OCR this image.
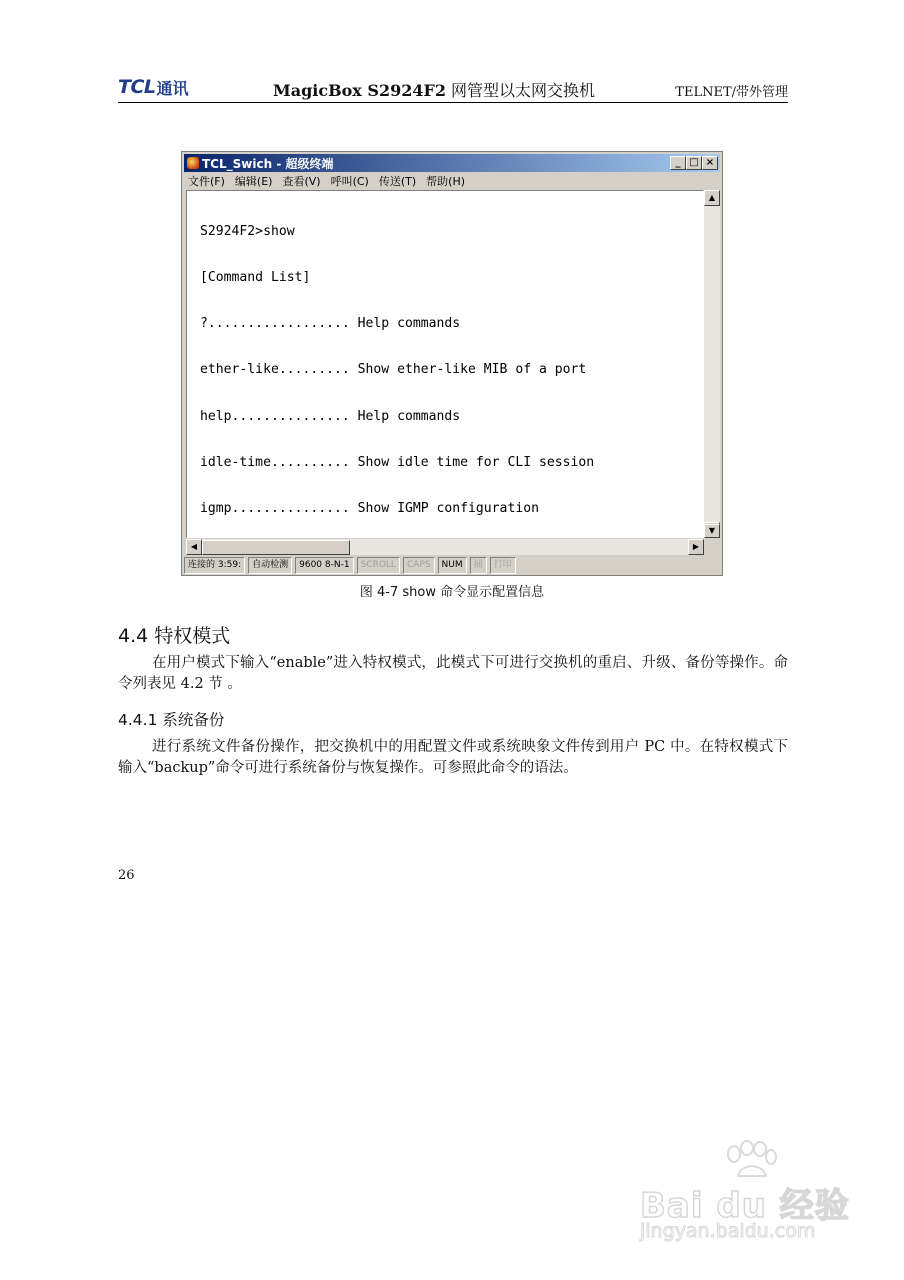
TCL 通讯	MagicBox S2924F2 网管型以太网交换机	TELNET/带外管理
TCL_Swich - 超级终端	_ □ ×
文件(F) 编辑(E) 查看(V) 呼叫(C) 传送(T) 帮助(H)

S2924F2>show

[Command List]

?.................. Help commands

ether-like......... Show ether-like MIB of a port

help............... Help commands

idle-time.......... Show idle time for CLI session

igmp............... Show IGMP configuration

▲
▼
◀	▶
连接的 3:59:	自动检测	9600 8-N-1	SCROLL	CAPS	NUM	捕	打印
图 4-7 show 命令显示配置信息
4.4 特权模式
在用户模式下输入“enable”进入特权模式，此模式下可进行交换机的重启、升级、备份等操作。命令列表见 4.2 节 。
4.4.1 系统备份
进行系统文件备份操作，把交换机中的用配置文件或系统映象文件传到用户 PC 中。在特权模式下输入“backup”命令可进行系统备份与恢复操作。可参照此命令的语法。
26
Bai du 经验
jingyan.baidu.com
